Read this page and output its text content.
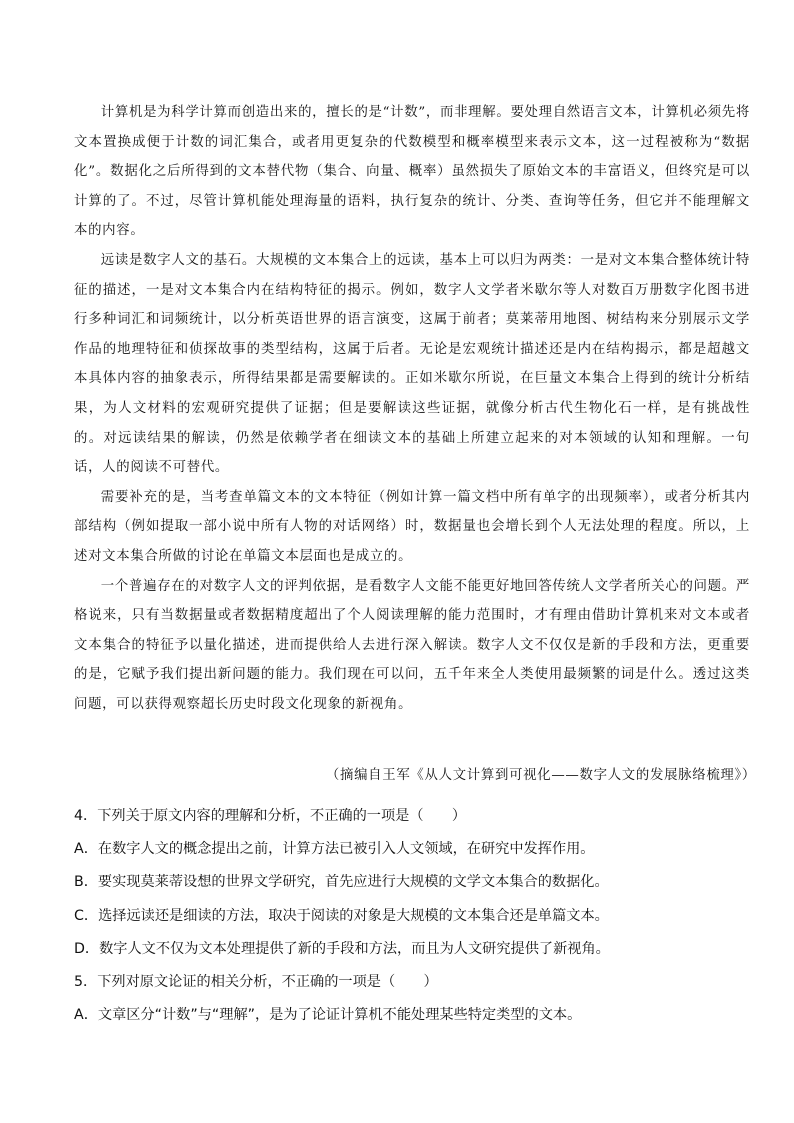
计算机是为科学计算而创造出来的，擅长的是“计数”，而非理解。要处理自然语言文本，计算机必须先将文本置换成便于计数的词汇集合，或者用更复杂的代数模型和概率模型来表示文本，这一过程被称为“数据化”。数据化之后所得到的文本替代物（集合、向量、概率）虽然损失了原始文本的丰富语义，但终究是可以计算的了。不过，尽管计算机能处理海量的语料，执行复杂的统计、分类、查询等任务，但它并不能理解文本的内容。

远读是数字人文的基石。大规模的文本集合上的远读，基本上可以归为两类：一是对文本集合整体统计特征的描述，一是对文本集合内在结构特征的揭示。例如，数字人文学者米歇尔等人对数百万册数字化图书进行多种词汇和词频统计，以分析英语世界的语言演变，这属于前者；莫莱蒂用地图、树结构来分别展示文学作品的地理特征和侦探故事的类型结构，这属于后者。无论是宏观统计描述还是内在结构揭示，都是超越文本具体内容的抽象表示，所得结果都是需要解读的。正如米歇尔所说，在巨量文本集合上得到的统计分析结果，为人文材料的宏观研究提供了证据；但是要解读这些证据，就像分析古代生物化石一样，是有挑战性的。对远读结果的解读，仍然是依赖学者在细读文本的基础上所建立起来的对本领域的认知和理解。一句话，人的阅读不可替代。

需要补充的是，当考查单篇文本的文本特征（例如计算一篇文档中所有单字的出现频率），或者分析其内部结构（例如提取一部小说中所有人物的对话网络）时，数据量也会增长到个人无法处理的程度。所以，上述对文本集合所做的讨论在单篇文本层面也是成立的。

一个普遍存在的对数字人文的评判依据，是看数字人文能不能更好地回答传统人文学者所关心的问题。严格说来，只有当数据量或者数据精度超出了个人阅读理解的能力范围时，才有理由借助计算机来对文本或者文本集合的特征予以量化描述，进而提供给人去进行深入解读。数字人文不仅仅是新的手段和方法，更重要的是，它赋予我们提出新问题的能力。我们现在可以问，五千年来全人类使用最频繁的词是什么。透过这类问题，可以获得观察超长历史时段文化现象的新视角。

（摘编自王军《从人文计算到可视化——数字人文的发展脉络梳理》）
4．下列关于原文内容的理解和分析，不正确的一项是（　　）
A．在数字人文的概念提出之前，计算方法已被引入人文领域，在研究中发挥作用。
B．要实现莫莱蒂设想的世界文学研究，首先应进行大规模的文学文本集合的数据化。
C．选择远读还是细读的方法，取决于阅读的对象是大规模的文本集合还是单篇文本。
D．数字人文不仅为文本处理提供了新的手段和方法，而且为人文研究提供了新视角。
5．下列对原文论证的相关分析，不正确的一项是（　　）
A．文章区分“计数”与“理解”，是为了论证计算机不能处理某些特定类型的文本。
